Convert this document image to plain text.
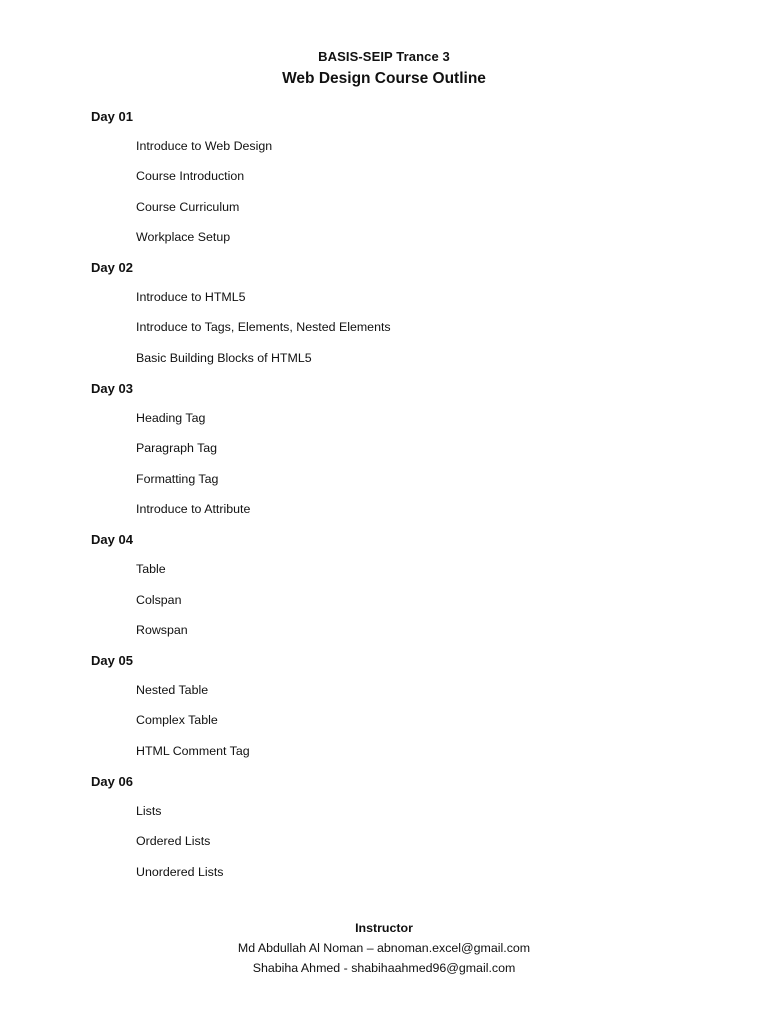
BASIS-SEIP Trance 3
Web Design Course Outline
Day 01
Introduce to Web Design
Course Introduction
Course Curriculum
Workplace Setup
Day 02
Introduce to HTML5
Introduce to Tags, Elements, Nested Elements
Basic Building Blocks of HTML5
Day 03
Heading Tag
Paragraph Tag
Formatting Tag
Introduce to Attribute
Day 04
Table
Colspan
Rowspan
Day 05
Nested Table
Complex Table
HTML Comment Tag
Day 06
Lists
Ordered Lists
Unordered Lists
Instructor
Md Abdullah Al Noman – abnoman.excel@gmail.com
Shabiha Ahmed - shabihaahmed96@gmail.com
